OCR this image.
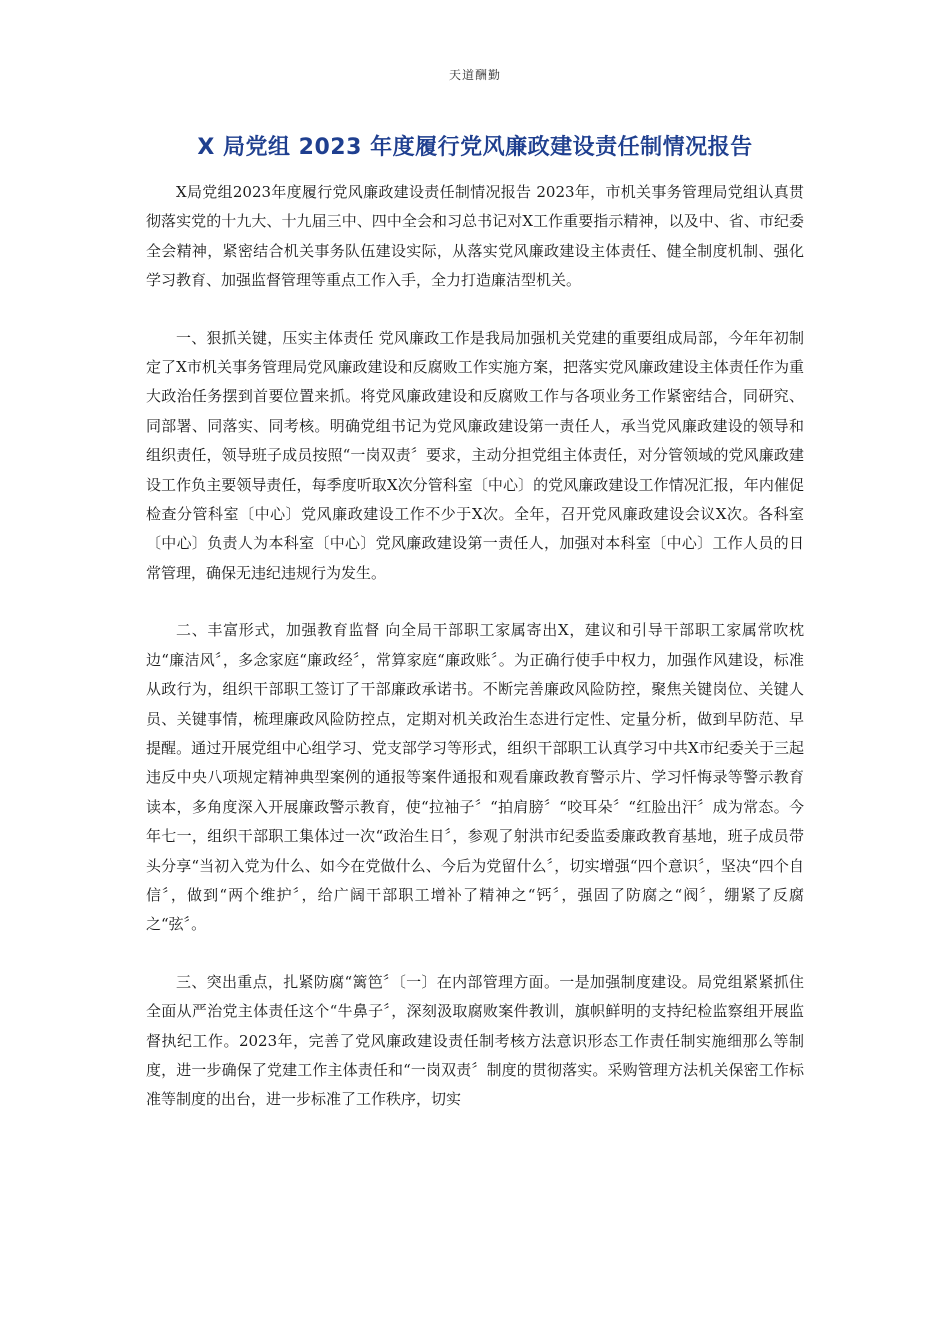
天道酬勤
X 局党组 2023 年度履行党风廉政建设责任制情况报告

X局党组2023年度履行党风廉政建设责任制情况报告 2023年，市机关事务管理局党组认真贯彻落实党的十九大、十九届三中、四中全会和习总书记对X工作重要指示精神，以及中、省、市纪委全会精神，紧密结合机关事务队伍建设实际，从落实党风廉政建设主体责任、健全制度机制、强化学习教育、加强监督管理等重点工作入手，全力打造廉洁型机关。

一、狠抓关键，压实主体责任 党风廉政工作是我局加强机关党建的重要组成局部，今年年初制定了X市机关事务管理局党风廉政建设和反腐败工作实施方案，把落实党风廉政建设主体责任作为重大政治任务摆到首要位置来抓。将党风廉政建设和反腐败工作与各项业务工作紧密结合，同研究、同部署、同落实、同考核。明确党组书记为党风廉政建设第一责任人，承当党风廉政建设的领导和组织责任，领导班子成员按照“一岗双责〞要求，主动分担党组主体责任，对分管领域的党风廉政建设工作负主要领导责任，每季度听取X次分管科室〔中心〕的党风廉政建设工作情况汇报，年内催促检查分管科室〔中心〕党风廉政建设工作不少于X次。全年，召开党风廉政建设会议X次。各科室〔中心〕负责人为本科室〔中心〕党风廉政建设第一责任人，加强对本科室〔中心〕工作人员的日常管理，确保无违纪违规行为发生。

二、丰富形式，加强教育监督 向全局干部职工家属寄出X，建议和引导干部职工家属常吹枕边“廉洁风〞，多念家庭“廉政经〞，常算家庭“廉政账〞。为正确行使手中权力，加强作风建设，标准从政行为，组织干部职工签订了干部廉政承诺书。不断完善廉政风险防控，聚焦关键岗位、关键人员、关键事情，梳理廉政风险防控点，定期对机关政治生态进行定性、定量分析，做到早防范、早提醒。通过开展党组中心组学习、党支部学习等形式，组织干部职工认真学习中共X市纪委关于三起违反中央八项规定精神典型案例的通报等案件通报和观看廉政教育警示片、学习忏悔录等警示教育读本，多角度深入开展廉政警示教育，使“拉袖子〞“拍肩膀〞“咬耳朵〞“红脸出汗〞成为常态。今年七一，组织干部职工集体过一次“政治生日〞，参观了射洪市纪委监委廉政教育基地，班子成员带头分享“当初入党为什么、如今在党做什么、今后为党留什么〞，切实增强“四个意识〞，坚决“四个自信〞，做到“两个维护〞，给广阔干部职工增补了精神之“钙〞，强固了防腐之“阀〞，绷紧了反腐之“弦〞。

三、突出重点，扎紧防腐“篱笆〞〔一〕在内部管理方面。一是加强制度建设。局党组紧紧抓住全面从严治党主体责任这个“牛鼻子〞，深刻汲取腐败案件教训，旗帜鲜明的支持纪检监察组开展监督执纪工作。2023年，完善了党风廉政建设责任制考核方法意识形态工作责任制实施细那么等制度，进一步确保了党建工作主体责任和“一岗双责〞制度的贯彻落实。采购管理方法机关保密工作标准等制度的出台，进一步标准了工作秩序，切实
